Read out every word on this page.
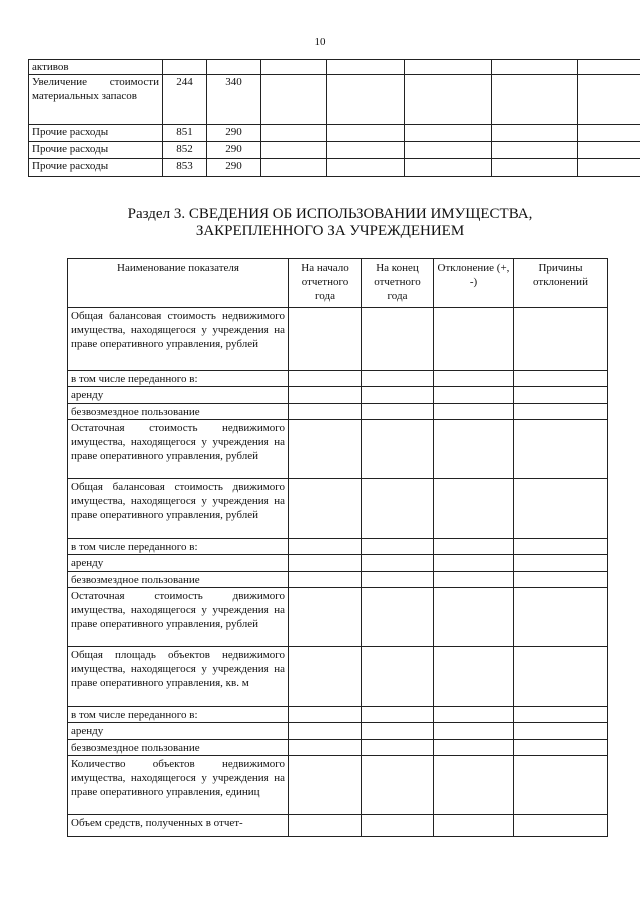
10
активов							
Увеличение стоимости материальных запасов	244	340					
Прочие расходы	851	290					
Прочие расходы	852	290					
Прочие расходы	853	290					
Раздел 3. СВЕДЕНИЯ ОБ ИСПОЛЬЗОВАНИИ ИМУЩЕСТВА,
ЗАКРЕПЛЕННОГО ЗА УЧРЕЖДЕНИЕМ
Наименование показателя	На начало отчетного года	На конец отчетного года	Отклонение (+, -)	Причины отклонений
Общая балансовая стоимость недвижимого имущества, находящегося у учреждения на праве оперативного управления, рублей				
в том числе переданного в:				
аренду				
безвозмездное пользование				
Остаточная стоимость недвижимого имущества, находящегося у учреждения на праве оперативного управления, рублей				
Общая балансовая стоимость движимого имущества, находящегося у учреждения на праве оперативного управления, рублей				
в том числе переданного в:				
аренду				
безвозмездное пользование				
Остаточная стоимость движимого имущества, находящегося у учреждения на праве оперативного управления, рублей				
Общая площадь объектов недвижимого имущества, находящегося у учреждения на праве оперативного управления, кв. м				
в том числе переданного в:				
аренду				
безвозмездное пользование				
Количество объектов недвижимого имущества, находящегося у учреждения на праве оперативного управления, единиц				
Объем средств, полученных в отчет-				
